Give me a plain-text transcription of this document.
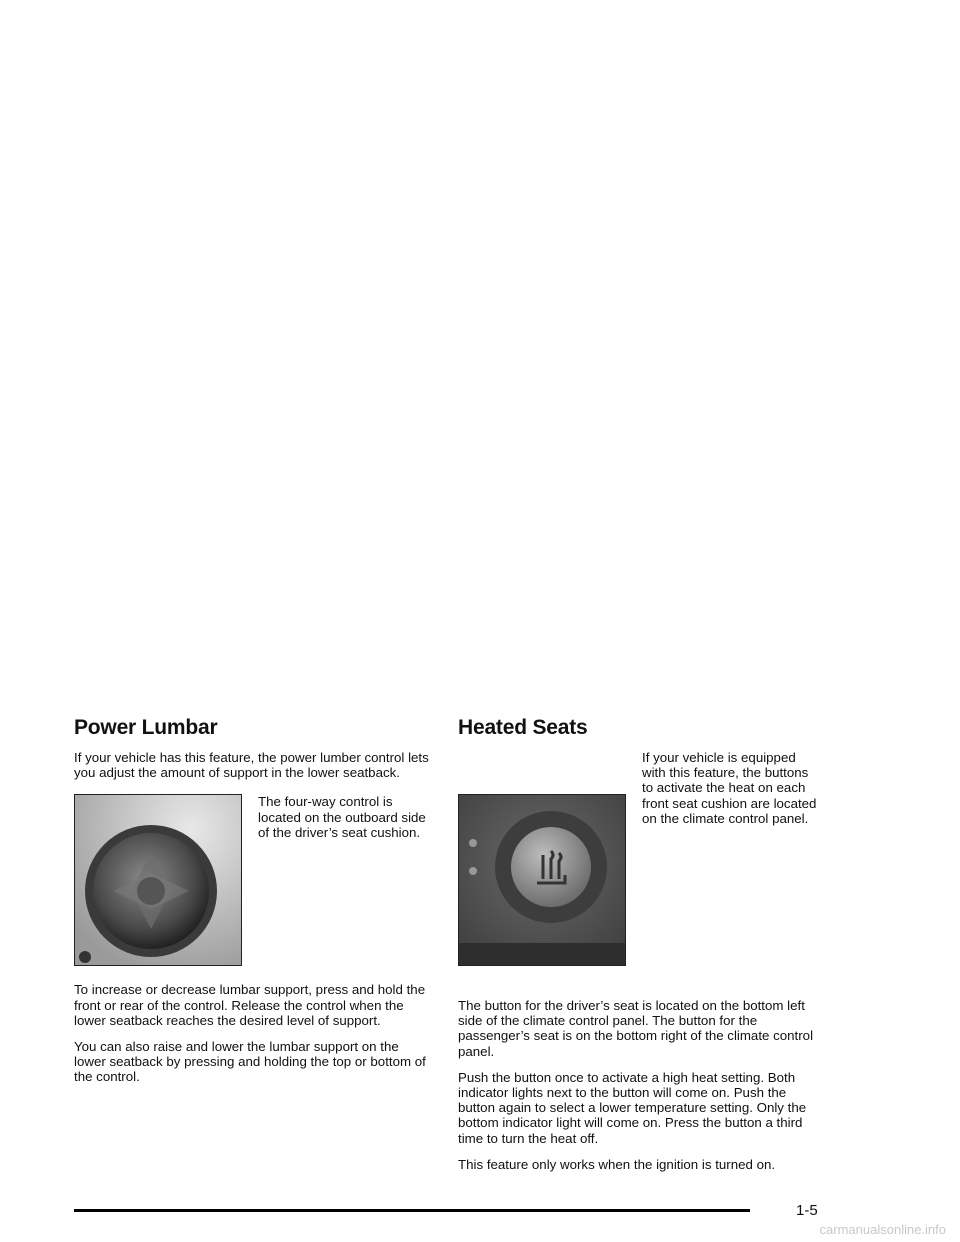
Power Lumbar

If your vehicle has this feature, the power lumber control lets you adjust the amount of support in the lower seatback.

The four-way control is located on the outboard side of the driver’s seat cushion.

To increase or decrease lumbar support, press and hold the front or rear of the control. Release the control when the lower seatback reaches the desired level of support.

You can also raise and lower the lumbar support on the lower seatback by pressing and holding the top or bottom of the control.

Heated Seats

If your vehicle is equipped with this feature, the buttons to activate the heat on each front seat cushion are located on the climate control panel.

The button for the driver’s seat is located on the bottom left side of the climate control panel. The button for the passenger’s seat is on the bottom right of the climate control panel.

Push the button once to activate a high heat setting. Both indicator lights next to the button will come on. Push the button again to select a lower temperature setting. Only the bottom indicator light will come on. Press the button a third time to turn the heat off.

This feature only works when the ignition is turned on.

1-5
carmanualsonline.info
